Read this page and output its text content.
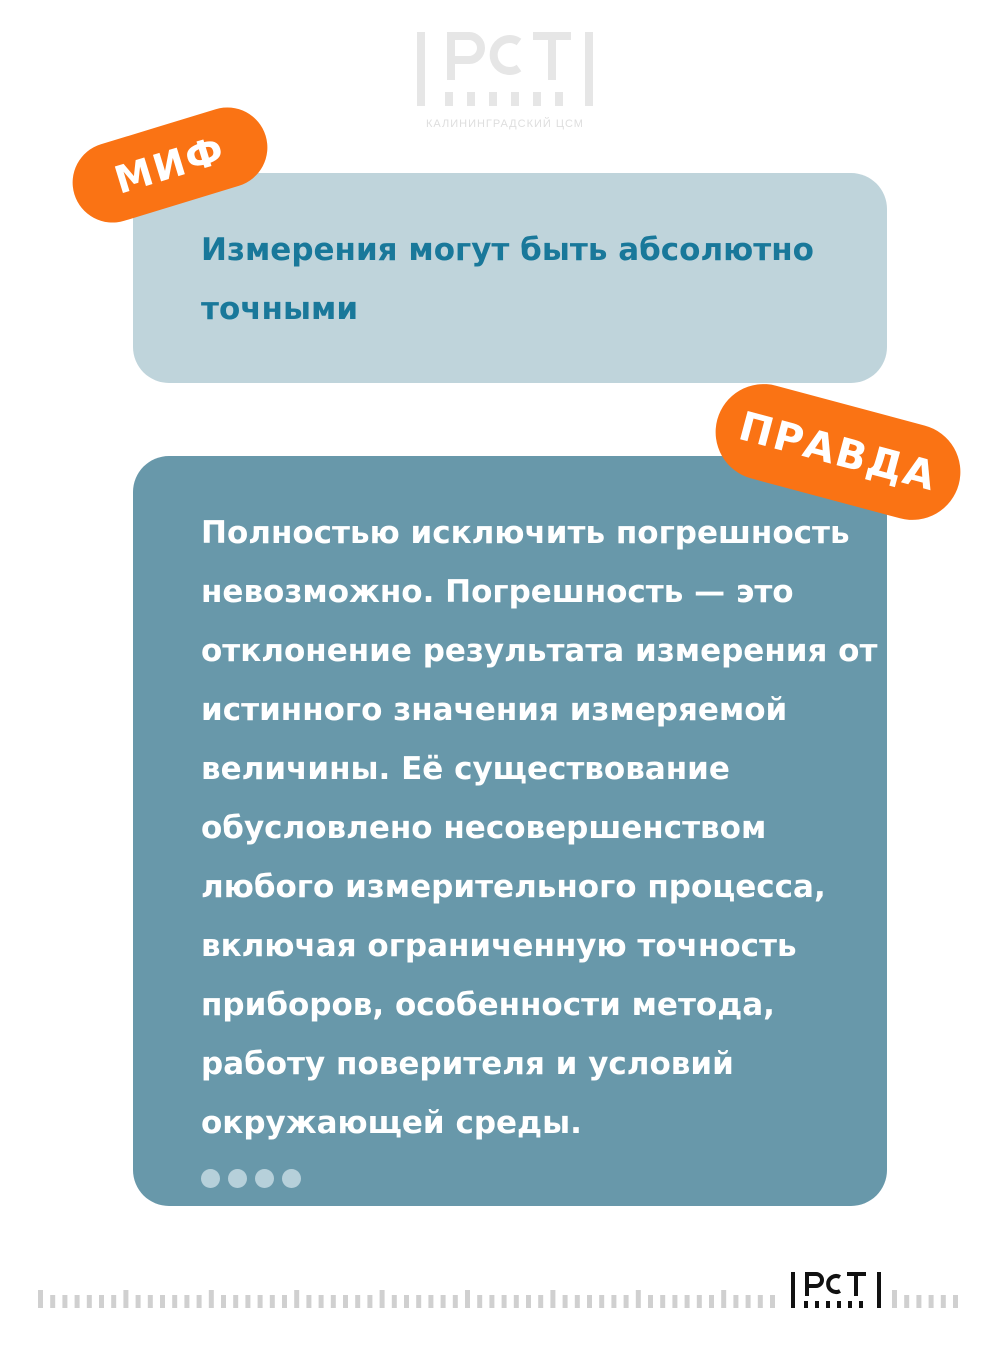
КАЛИНИНГРАДСКИЙ ЦСМ
Измерения могут быть абсолютно точными
МИФ
Полностью исключить погрешность невозможно. Погрешность — это отклонение результата измерения от истинного значения измеряемой величины. Её существование обусловлено несовершенством любого измерительного процесса, включая ограниченную точность приборов, особенности метода, работу поверителя и условий окружающей среды.
ПРАВДА
